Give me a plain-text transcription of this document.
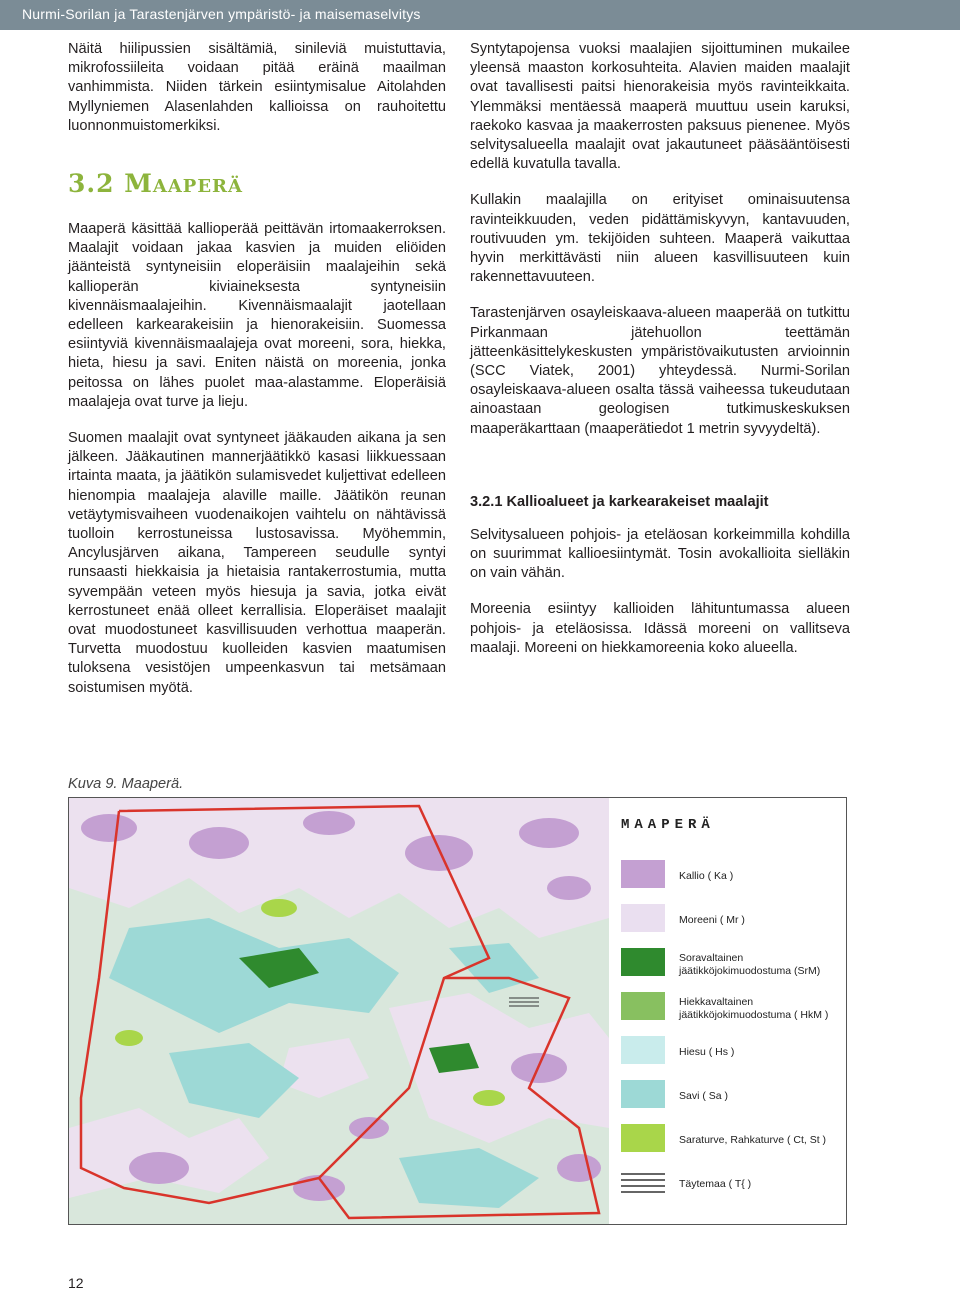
Nurmi-Sorilan ja Tarastenjärven ympäristö- ja maisemaselvitys

Näitä hiilipussien sisältämiä, sinileviä muistuttavia, mikrofossiileita voidaan pitää eräinä maailman vanhimmista. Niiden tärkein esiintymisalue Aitolahden Myllyniemen Alasenlahden kallioissa on rauhoitettu luonnonmuistomerkiksi.

3.2 Maaperä

Maaperä käsittää kallioperää peittävän irtomaakerroksen. Maalajit voidaan jakaa kasvien ja muiden eliöiden jäänteistä syntyneisiin eloperäisiin maalajeihin sekä kallioperän kiviaineksesta syntyneisiin kivennäismaalajeihin. Kivennäismaalajit jaotellaan edelleen karkearakeisiin ja hienorakeisiin. Suomessa esiintyviä kivennäismaalajeja ovat moreeni, sora, hiekka, hieta, hiesu ja savi. Eniten näistä on moreenia, jonka peitossa on lähes puolet maa-alastamme. Eloperäisiä maalajeja ovat turve ja lieju.

Suomen maalajit ovat syntyneet jääkauden aikana ja sen jälkeen. Jääkautinen mannerjäätikkö kasasi liikkuessaan irtainta maata, ja jäätikön sulamisvedet kuljettivat edelleen hienompia maalajeja alaville maille. Jäätikön reunan vetäytymisvaiheen vuodenaikojen vaihtelu on nähtävissä tuolloin kerrostuneissa lustosavissa. Myöhemmin, Ancylusjärven aikana, Tampereen seudulle syntyi runsaasti hiekkaisia ja hietaisia rantakerrostumia, mutta syvempään veteen myös hiesuja ja savia, jotka eivät kerrostuneet enää olleet kerrallisia. Eloperäiset maalajit ovat muodostuneet kasvillisuuden verhottua maaperän. Turvetta muodostuu kuolleiden kasvien maatumisen tuloksena vesistöjen umpeenkasvun tai metsämaan soistumisen myötä.

Syntytapojensa vuoksi maalajien sijoittuminen mukailee yleensä maaston korkosuhteita. Alavien maiden maalajit ovat tavallisesti paitsi hienorakeisia myös ravinteikkaita. Ylemmäksi mentäessä maaperä muuttuu usein karuksi, raekoko kasvaa ja maakerrosten paksuus pienenee. Myös selvitysalueella maalajit ovat jakautuneet pääsääntöisesti edellä kuvatulla tavalla.

Kullakin maalajilla on erityiset ominaisuutensa ravinteikkuuden, veden pidättämiskyvyn, kantavuuden, routivuuden ym. tekijöiden suhteen. Maaperä vaikuttaa hyvin merkittävästi niin alueen kasvillisuuteen kuin rakennettavuuteen.

Tarastenjärven osayleiskaava-alueen maaperää on tutkittu Pirkanmaan jätehuollon teettämän jätteenkäsittelykeskusten ympäristövaikutusten arvioinnin (SCC Viatek, 2001) yhteydessä. Nurmi-Sorilan osayleiskaava-alueen osalta tässä vaiheessa tukeudutaan ainoastaan geologisen tutkimuskeskuksen maaperäkarttaan (maaperätiedot 1 metrin syvyydeltä).

3.2.1 Kallioalueet ja karkearakeiset maalajit

Selvitysalueen pohjois- ja eteläosan korkeimmilla kohdilla on suurimmat kallioesiintymät. Tosin avokallioita sielläkin on vain vähän.

Moreenia esiintyy kallioiden lähituntumassa alueen pohjois- ja eteläosissa. Idässä moreeni on vallitseva maalaji. Moreeni on hiekkamoreenia koko alueella.

Kuva 9. Maaperä.
MAAPERÄ
Kallio ( Ka )
Moreeni ( Mr )
Soravaltainen jäätikköjokimuodostuma (SrM)
Hiekkavaltainen jäätikköjokimuodostuma ( HkM )
Hiesu ( Hs )
Savi ( Sa )
Saraturve, Rahkaturve ( Ct, St )
Täytemaa ( T{ )
12
